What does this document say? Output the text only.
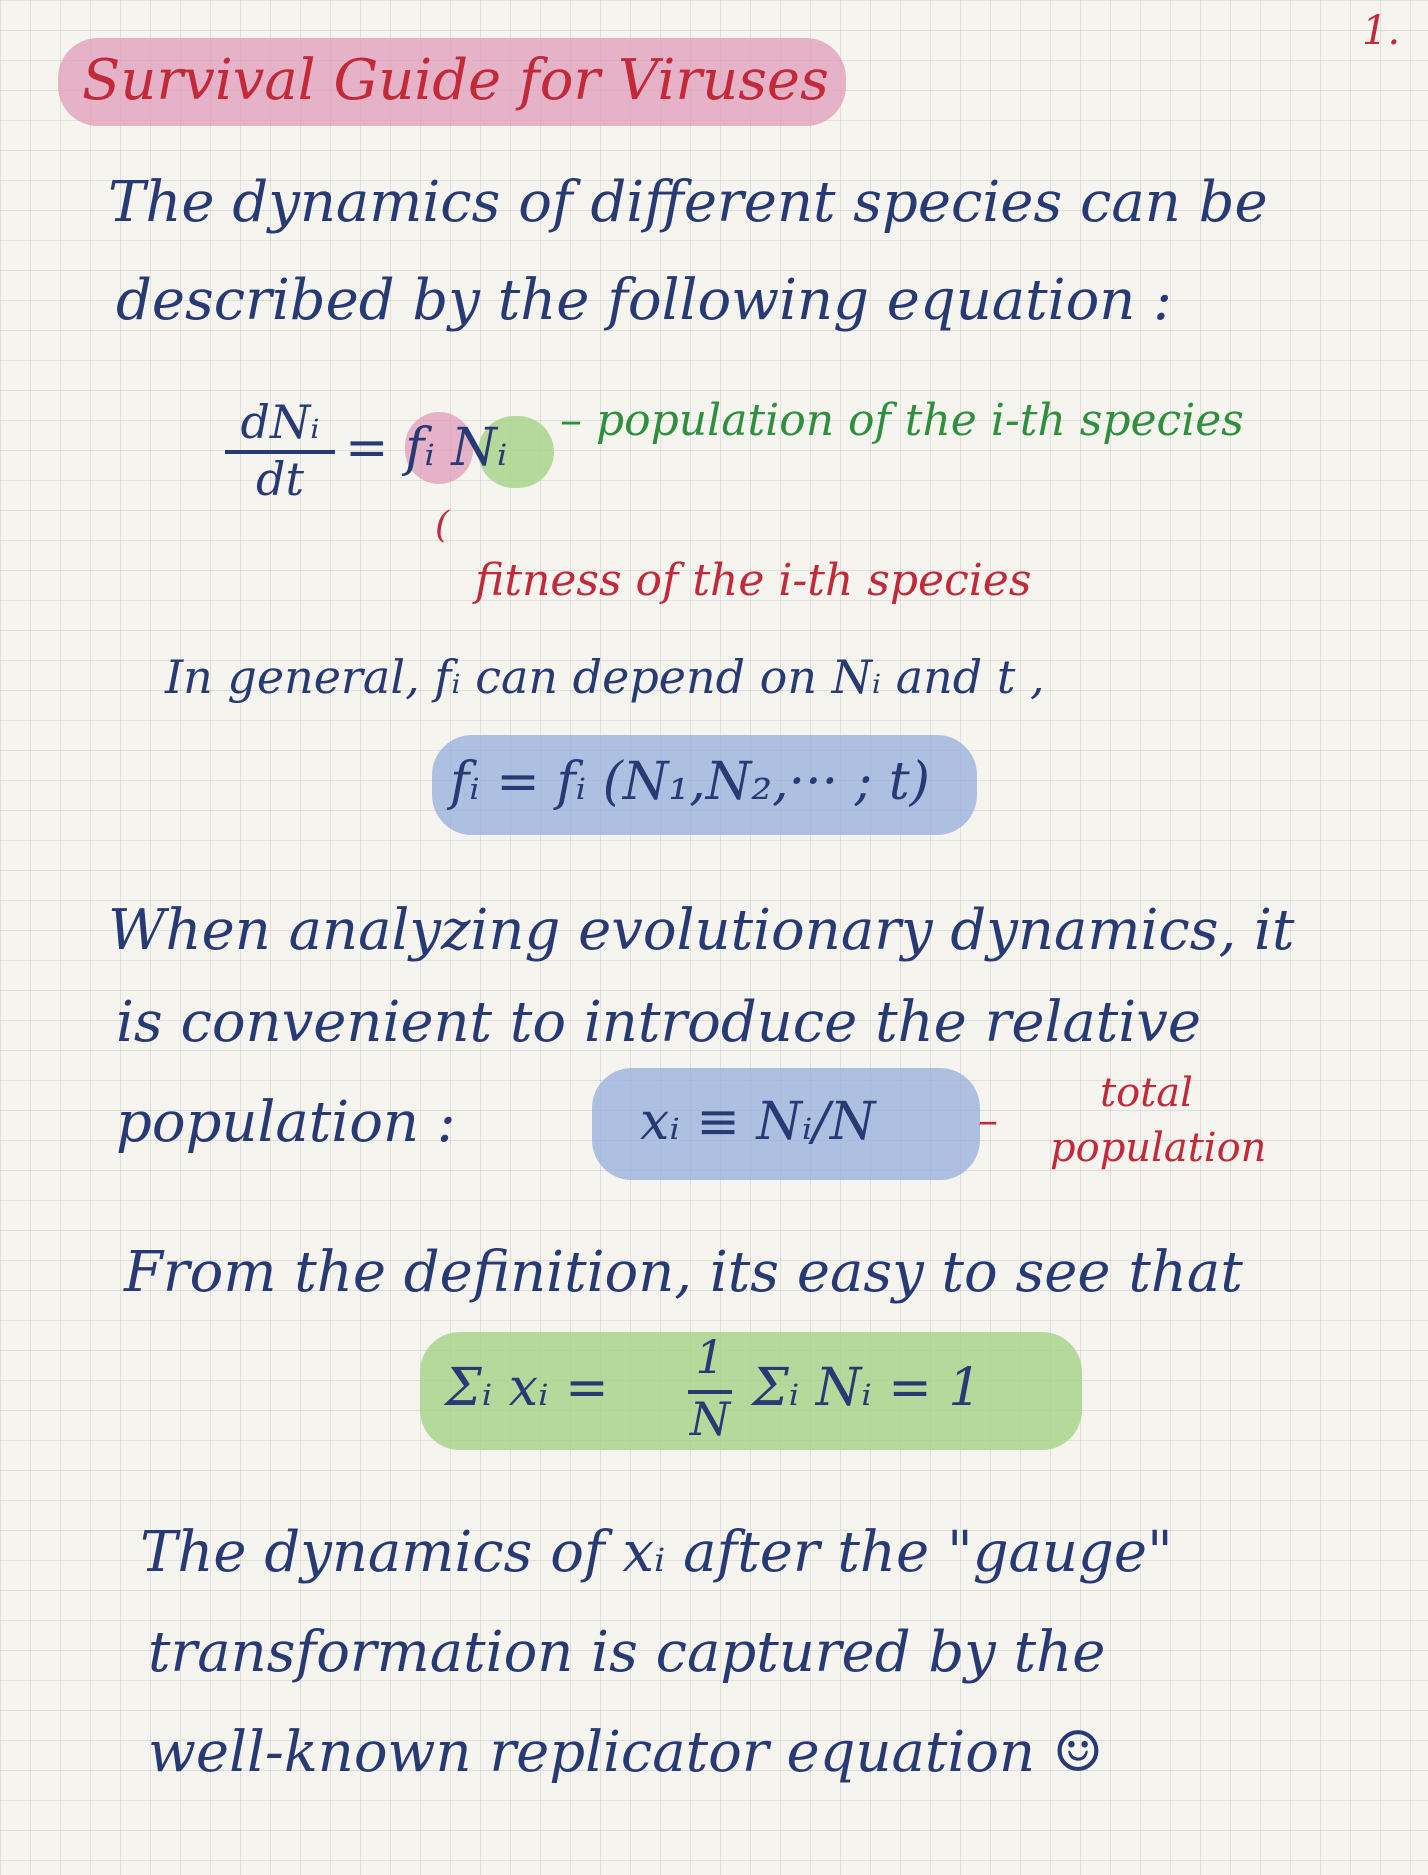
1.
Survival Guide for Viruses
The dynamics of different species can be
described by the following equation :
dNᵢ
dt
= fᵢ Nᵢ – population of the i-th species
(
fitness of the i-th species
In general, fᵢ can depend on Nᵢ and t ,
fᵢ = fᵢ (N₁,N₂,··· ; t)
When analyzing evolutionary dynamics, it
is convenient to introduce the relative
population :	xᵢ ≡ Nᵢ/N	–
total
population
From the definition, its easy to see that
Σᵢ xᵢ =
1
N
Σᵢ Nᵢ = 1
The dynamics of xᵢ after the "gauge"
transformation is captured by the
well-known replicator equation ☺
